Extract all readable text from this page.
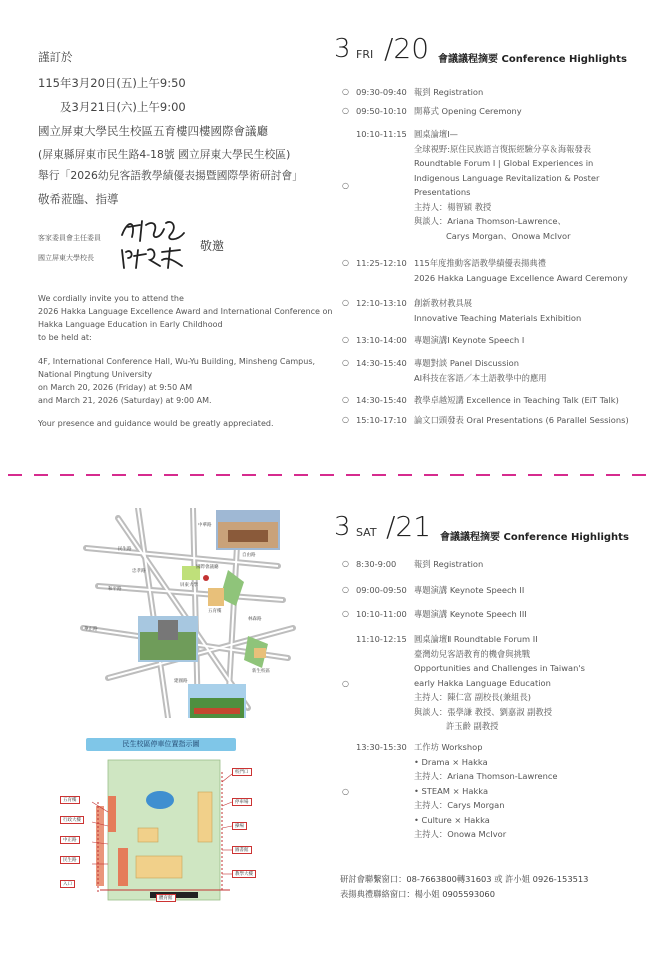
謹訂於
115年3月20日(五)上午9:50
及3月21日(六)上午9:00
國立屏東大學民生校區五育樓四樓國際會議廳
(屏東縣屏東市民生路4-18號 國立屏東大學民生校區)
舉行「2026幼兒客語教學績優表揚暨國際學術研討會」
敬希蒞臨、指導
客家委員會主任委員
國立屏東大學校長
敬邀
We cordially invite you to attend the
2026 Hakka Language Excellence Award and International Conference on
Hakka Language Education in Early Childhood
to be held at:
4F, International Conference Hall, Wu-Yu Building, Minsheng Campus,
National Pingtung University
on March 20, 2026 (Friday) at 9:50 AM
and March 21, 2026 (Saturday) at 9:00 AM.
Your presence and guidance would be greatly appreciated.
3 FRI /20 會議議程摘要 Conference Highlights
○ 09:30-09:40 報到 Registration
○ 09:50-10:10 開幕式 Opening Ceremony
○
10:10-11:15 圓桌論壇Ⅰ—
全球視野:原住民族語言復振經驗分享＆海報發表
Roundtable Forum I | Global Experiences in
Indigenous Language Revitalization & Poster
Presentations
主持人：楊智穎 教授
與談人：Ariana Thomson-Lawrence、
Carys Morgan、Onowa McIvor
○ 11:25-12:10 115年度推動客語教學績優表揚典禮
2026 Hakka Language Excellence Award Ceremony
○ 12:10-13:10 創新教材教具展
Innovative Teaching Materials Exhibition
○ 13:10-14:00 專題演講Ⅰ Keynote Speech I
○ 14:30-15:40 專題對談 Panel Discussion
AI科技在客語／本土語教學中的應用
○ 14:30-15:40 教學卓越短講 Excellence in Teaching Talk (EiT Talk)
○ 15:10-17:10 論文口頭發表 Oral Presentations (6 Parallel Sessions)
3 SAT /21 會議議程摘要 Conference Highlights
○ 8:30-9:00 報到 Registration
○ 09:00-09:50 專題演講 Keynote Speech II
○ 10:10-11:00 專題演講 Keynote Speech III
○
11:10-12:15 圓桌論壇Ⅱ Roundtable Forum II
臺灣幼兒客語教育的機會與挑戰
Opportunities and Challenges in Taiwan's
early Hakka Language Education
主持人：陳仁富 副校長(兼組長)
與談人：張學謙 教授、劉嘉淑 副教授
許玉齡 副教授
○
13:30-15:30 工作坊 Workshop
• Drama × Hakka
主持人：Ariana Thomson-Lawrence
• STEAM × Hakka
主持人：Carys Morgan
• Culture × Hakka
主持人：Onowa McIvor
研討會聯繫窗口：08-7663800轉31603 或 許小姐 0926-153513
表揚典禮聯絡窗口：楊小姐 0905593060
民生路
和平路
華正路
忠孝路
中華路
自由路
建國路
林森路
屏東大學
五育樓
國際會議廳
新生校區
民生校區停車位置指示圖
五育樓
行政大樓
中正路
民生路
校門口
停車場
操場
圖書館
教學大樓
體育館
入口
